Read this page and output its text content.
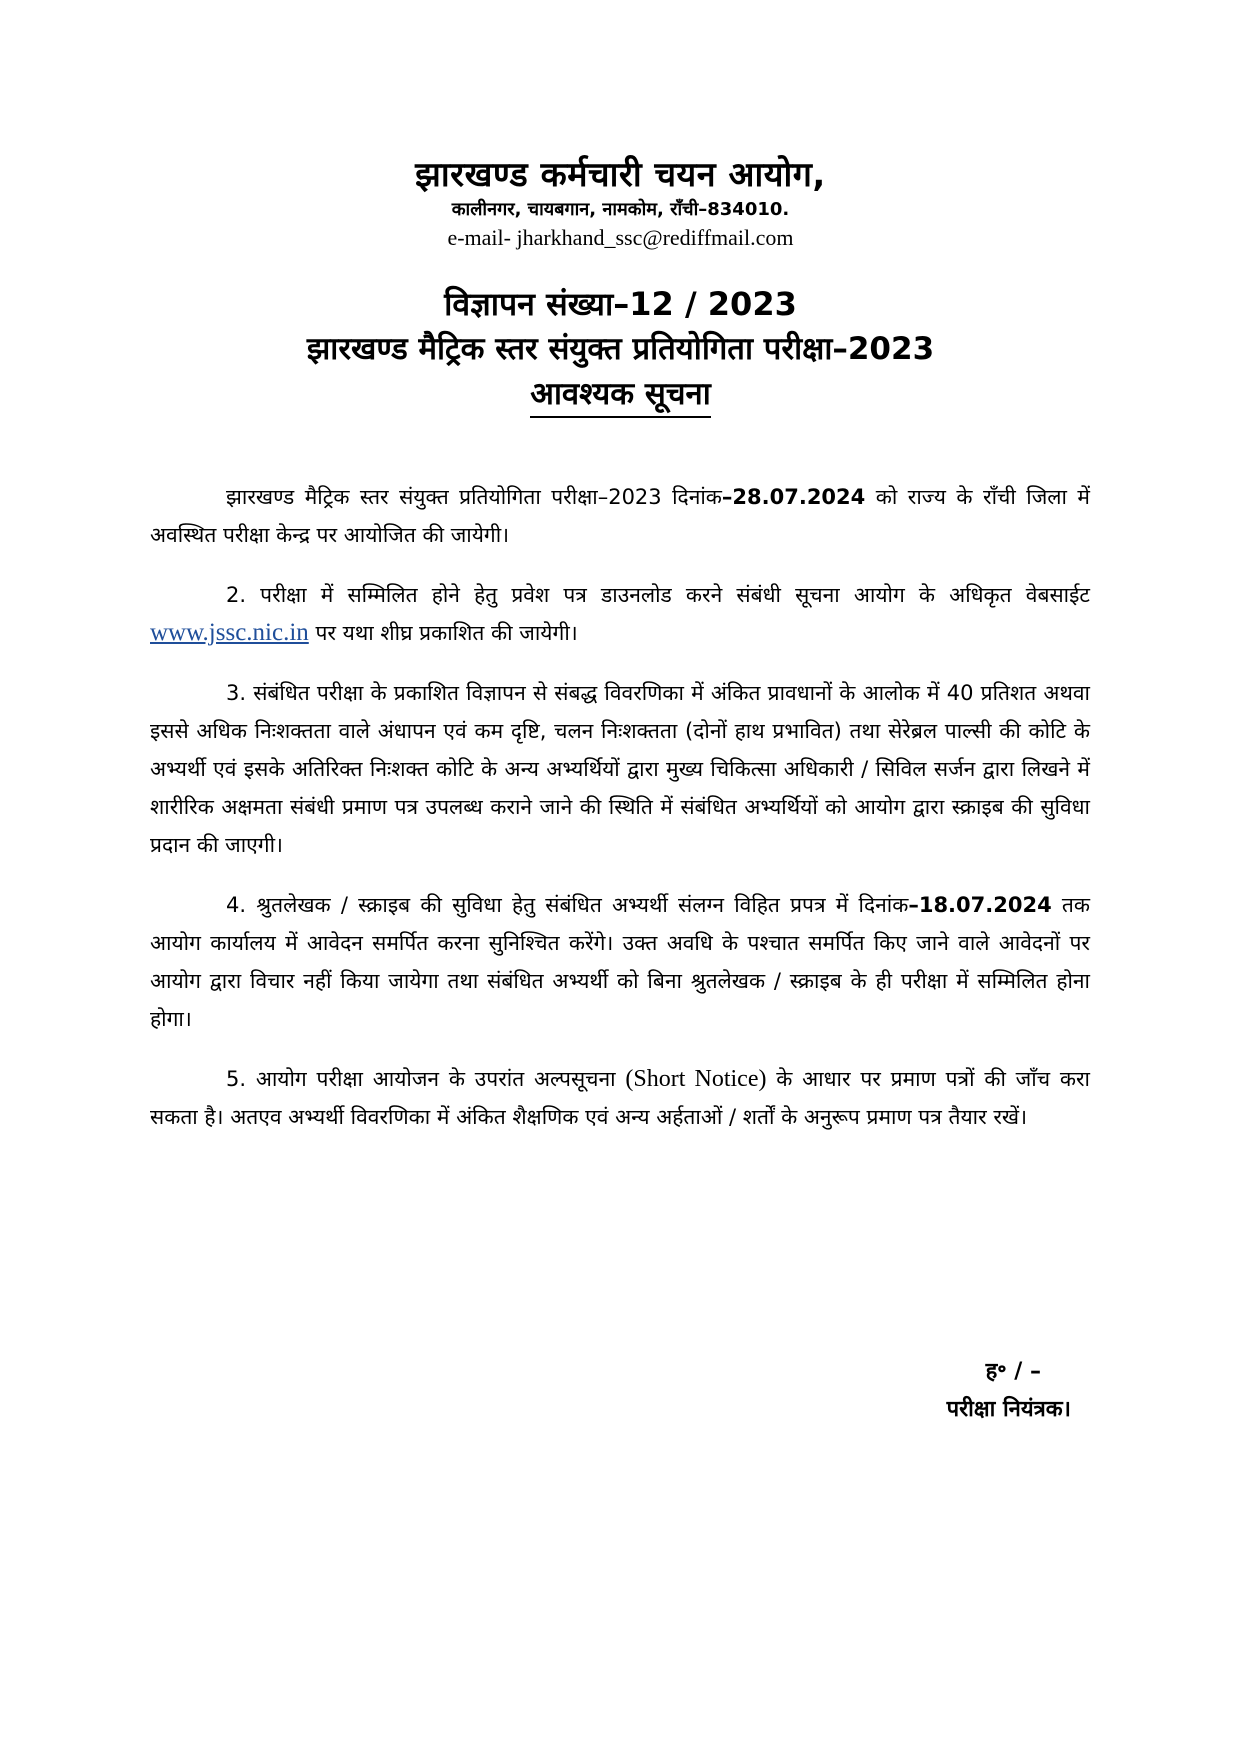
झारखण्ड कर्मचारी चयन आयोग,
कालीनगर, चायबगान, नामकोम, राँची–834010.
e-mail- jharkhand_ssc@rediffmail.com
विज्ञापन संख्या–12 / 2023
झारखण्ड मैट्रिक स्तर संयुक्त प्रतियोगिता परीक्षा–2023
आवश्यक सूचना

झारखण्ड मैट्रिक स्तर संयुक्त प्रतियोगिता परीक्षा–2023 दिनांक–28.07.2024 को राज्य के राँची जिला में अवस्थित परीक्षा केन्द्र पर आयोजित की जायेगी।

2. परीक्षा में सम्मिलित होने हेतु प्रवेश पत्र डाउनलोड करने संबंधी सूचना आयोग के अधिकृत वेबसाईट www.jssc.nic.in पर यथा शीघ्र प्रकाशित की जायेगी।

3. संबंधित परीक्षा के प्रकाशित विज्ञापन से संबद्ध विवरणिका में अंकित प्रावधानों के आलोक में 40 प्रतिशत अथवा इससे अधिक निःशक्तता वाले अंधापन एवं कम दृष्टि, चलन निःशक्तता (दोनों हाथ प्रभावित) तथा सेरेब्रल पाल्सी की कोटि के अभ्यर्थी एवं इसके अतिरिक्त निःशक्त कोटि के अन्य अभ्यर्थियों द्वारा मुख्य चिकित्सा अधिकारी / सिविल सर्जन द्वारा लिखने में शारीरिक अक्षमता संबंधी प्रमाण पत्र उपलब्ध कराने जाने की स्थिति में संबंधित अभ्यर्थियों को आयोग द्वारा स्क्राइब की सुविधा प्रदान की जाएगी।

4. श्रुतलेखक / स्क्राइब की सुविधा हेतु संबंधित अभ्यर्थी संलग्न विहित प्रपत्र में दिनांक–18.07.2024 तक आयोग कार्यालय में आवेदन समर्पित करना सुनिश्चित करेंगे। उक्त अवधि के पश्चात समर्पित किए जाने वाले आवेदनों पर आयोग द्वारा विचार नहीं किया जायेगा तथा संबंधित अभ्यर्थी को बिना श्रुतलेखक / स्क्राइब के ही परीक्षा में सम्मिलित होना होगा।

5. आयोग परीक्षा आयोजन के उपरांत अल्पसूचना (Short Notice) के आधार पर प्रमाण पत्रों की जाँच करा सकता है। अतएव अभ्यर्थी विवरणिका में अंकित शैक्षणिक एवं अन्य अर्हताओं / शर्तों के अनुरूप प्रमाण पत्र तैयार रखें।

ह॰ / –
परीक्षा नियंत्रक।
